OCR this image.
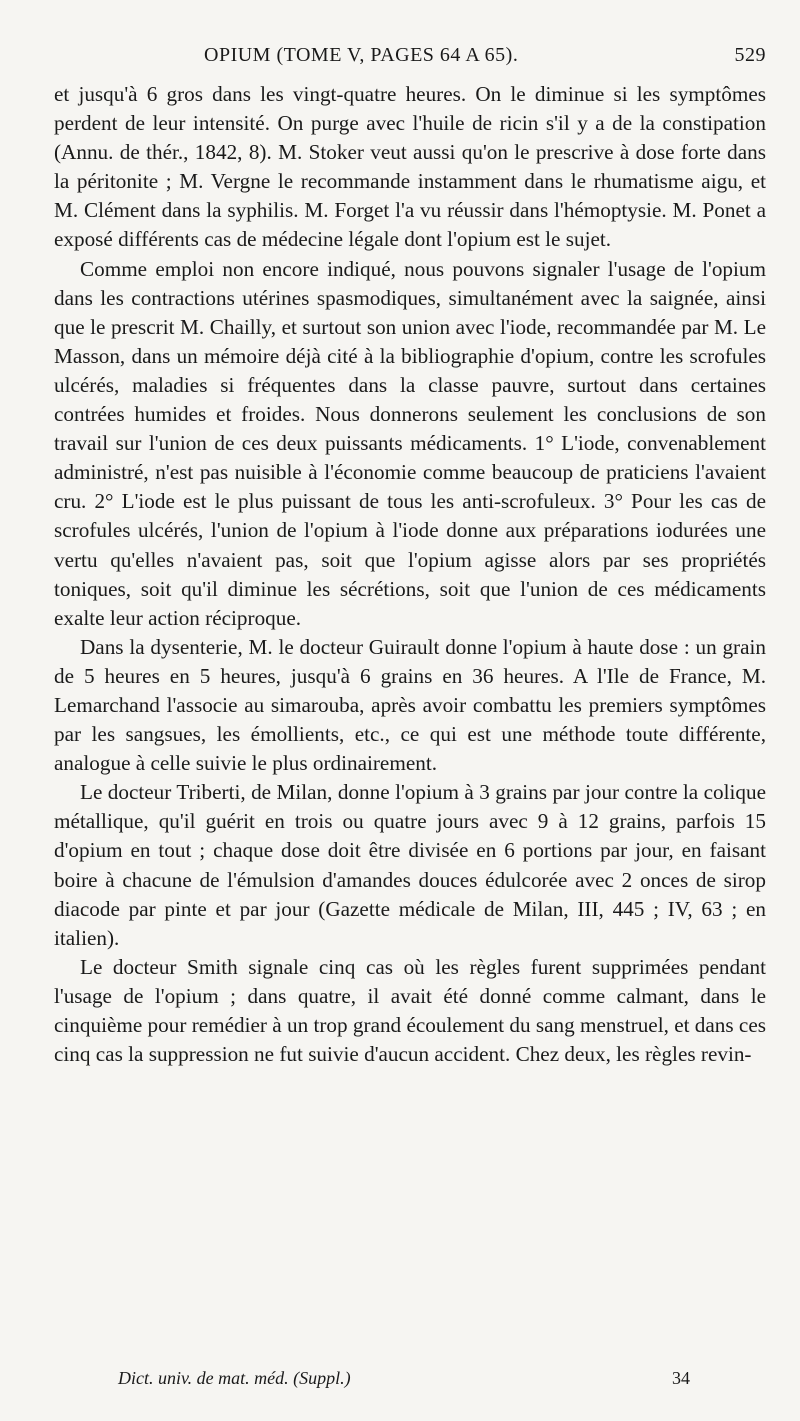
OPIUM (TOME V, PAGES 64 A 65).	529

et jusqu'à 6 gros dans les vingt-quatre heures. On le diminue si les symptômes perdent de leur intensité. On purge avec l'huile de ricin s'il y a de la constipation (Annu. de thér., 1842, 8). M. Stoker veut aussi qu'on le prescrive à dose forte dans la péritonite ; M. Vergne le recommande instamment dans le rhumatisme aigu, et M. Clément dans la syphilis. M. Forget l'a vu réussir dans l'hémoptysie. M. Ponet a exposé différents cas de médecine légale dont l'opium est le sujet.

Comme emploi non encore indiqué, nous pouvons signaler l'usage de l'opium dans les contractions utérines spasmodiques, simultanément avec la saignée, ainsi que le prescrit M. Chailly, et surtout son union avec l'iode, recommandée par M. Le Masson, dans un mémoire déjà cité à la bibliographie d'opium, contre les scrofules ulcérés, maladies si fréquentes dans la classe pauvre, surtout dans certaines contrées humides et froides. Nous donnerons seulement les conclusions de son travail sur l'union de ces deux puissants médicaments. 1° L'iode, convenablement administré, n'est pas nuisible à l'économie comme beaucoup de praticiens l'avaient cru. 2° L'iode est le plus puissant de tous les anti-scrofuleux. 3° Pour les cas de scrofules ulcérés, l'union de l'opium à l'iode donne aux préparations iodurées une vertu qu'elles n'avaient pas, soit que l'opium agisse alors par ses propriétés toniques, soit qu'il diminue les sécrétions, soit que l'union de ces médicaments exalte leur action réciproque.

Dans la dysenterie, M. le docteur Guirault donne l'opium à haute dose : un grain de 5 heures en 5 heures, jusqu'à 6 grains en 36 heures. A l'Ile de France, M. Lemarchand l'associe au simarouba, après avoir combattu les premiers symptômes par les sangsues, les émollients, etc., ce qui est une méthode toute différente, analogue à celle suivie le plus ordinairement.

Le docteur Triberti, de Milan, donne l'opium à 3 grains par jour contre la colique métallique, qu'il guérit en trois ou quatre jours avec 9 à 12 grains, parfois 15 d'opium en tout ; chaque dose doit être divisée en 6 portions par jour, en faisant boire à chacune de l'émulsion d'amandes douces édulcorée avec 2 onces de sirop diacode par pinte et par jour (Gazette médicale de Milan, III, 445 ; IV, 63 ; en italien).

Le docteur Smith signale cinq cas où les règles furent supprimées pendant l'usage de l'opium ; dans quatre, il avait été donné comme calmant, dans le cinquième pour remédier à un trop grand écoulement du sang menstruel, et dans ces cinq cas la suppression ne fut suivie d'aucun accident. Chez deux, les règles revin-

Dict. univ. de mat. méd. (Suppl.)	34
